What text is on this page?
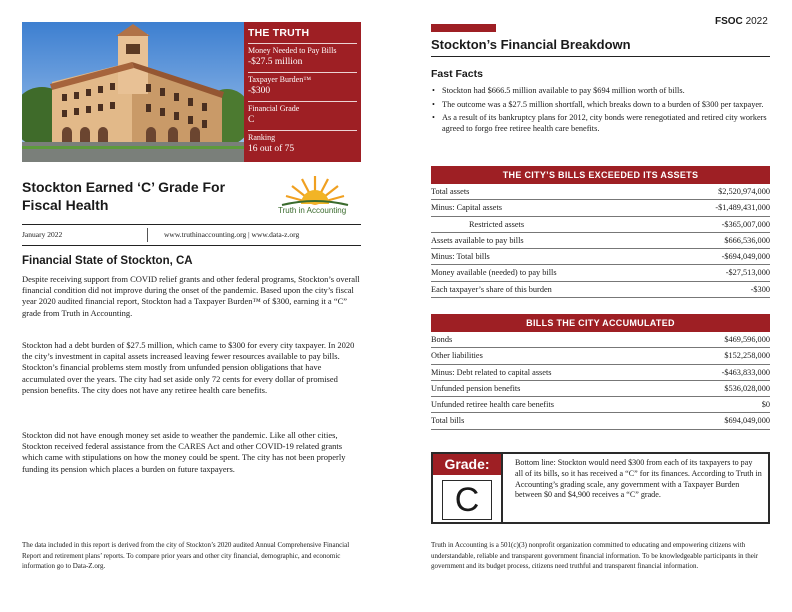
THE TRUTH
Money Needed to Pay Bills
-$27.5 million
Taxpayer Burden™
-$300
Financial Grade
C
Ranking
16 out of 75
Stockton Earned ‘C’ Grade For Fiscal Health	Truth in Accounting
January 2022	www.truthinaccounting.org | www.data-z.org
Financial State of Stockton, CA

Despite receiving support from COVID relief grants and other federal programs, Stockton’s overall financial condition did not improve during the onset of the pandemic. Based upon the city’s fiscal year 2020 audited financial report, Stockton had a Taxpayer Burden™ of $300, earning it a “C” grade from Truth in Accounting.

Stockton had a debt burden of $27.5 million, which came to $300 for every city taxpayer. In 2020 the city’s investment in capital assets increased leaving fewer resources available to pay bills. Stockton’s financial problems stem mostly from unfunded pension obligations that have accumulated over the years. The city had set aside only 72 cents for every dollar of promised pension benefits. The city does not have any retiree health care benefits.

Stockton did not have enough money set aside to weather the pandemic. Like all other cities, Stockton received federal assistance from the CARES Act and other COVID-19 related grants which came with stipulations on how the money could be spent. The city has not been properly funding its pension which places a burden on future taxpayers.

The data included in this report is derived from the city of Stockton’s 2020 audited Annual Comprehensive Financial Report and retirement plans’ reports. To compare prior years and other city financial, demographic, and economic information go to Data-Z.org.

FSOC 2022
Stockton’s Financial Breakdown
Fast Facts
• Stockton had $666.5 million available to pay $694 million worth of bills.
• The outcome was a $27.5 million shortfall, which breaks down to a burden of $300 per taxpayer.
• As a result of its bankruptcy plans for 2012, city bonds were renegotiated and retired city workers agreed to forgo free retiree health care benefits.
THE CITY’S BILLS EXCEEDED ITS ASSETS
Total assets	$2,520,974,000
Minus: Capital assets	-$1,489,431,000
Restricted assets	-$365,007,000
Assets available to pay bills	$666,536,000
Minus: Total bills	-$694,049,000
Money available (needed) to pay bills	-$27,513,000
Each taxpayer’s share of this burden	-$300
BILLS THE CITY ACCUMULATED
Bonds	$469,596,000
Other liabilities	$152,258,000
Minus: Debt related to capital assets	-$463,833,000
Unfunded pension benefits	$536,028,000
Unfunded retiree health care benefits	$0
Total bills	$694,049,000
Grade:
C
Bottom line: Stockton would need $300 from each of its taxpayers to pay all of its bills, so it has received a “C” for its finances. According to Truth in Accounting’s grading scale, any government with a Taxpayer Burden between $0 and $4,900 receives a “C” grade.

Truth in Accounting is a 501(c)(3) nonprofit organization committed to educating and empowering citizens with understandable, reliable and transparent government financial information. To be knowledgeable participants in their government and its budget process, citizens need truthful and transparent financial information.
